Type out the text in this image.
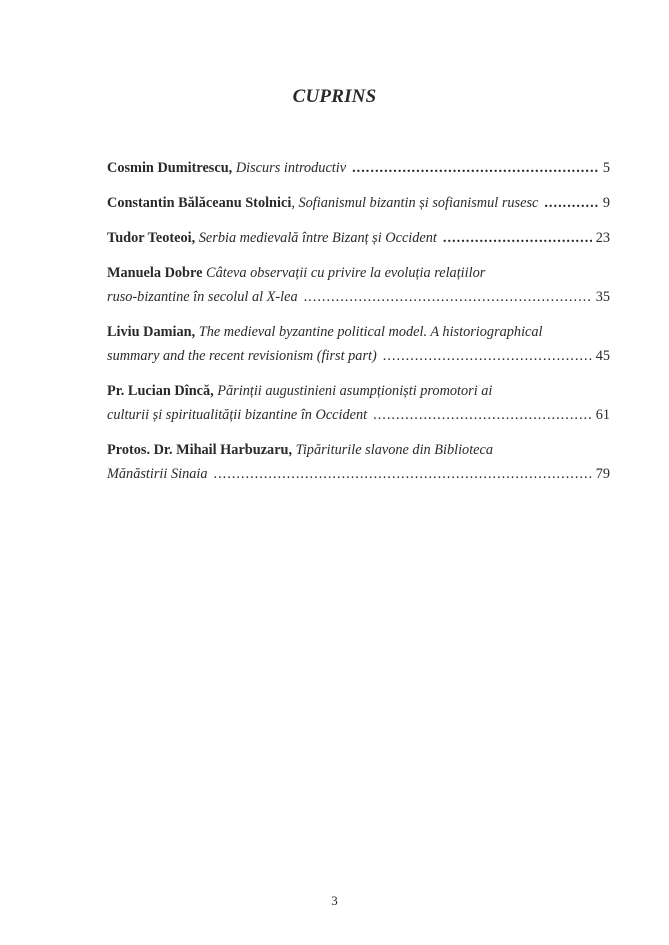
CUPRINS
Cosmin Dumitrescu,
Discurs introductiv .....	5
Constantin Bălăceanu Stolnici , Sofianismul bizantin și sofianismul rusesc .....	9
Tudor Teoteoi,
Serbia medievală între Bizanț și Occident .....	23
Manuela Dobre
Câteva observații cu privire la evoluția relațiilor
ruso-bizantine în secolul al X-lea .....	35
Liviu Damian,
The medieval byzantine political model. A historiographical
summary and the recent revisionism (first part) .....	45
Pr. Lucian Dîncă,
Părinții augustinieni asumpționiști promotori ai
culturii și spiritualității bizantine în Occident .....	61
Protos. Dr. Mihail Harbuzaru,
Tipăriturile slavone din Biblioteca
Mănăstirii Sinaia .....	79
3
